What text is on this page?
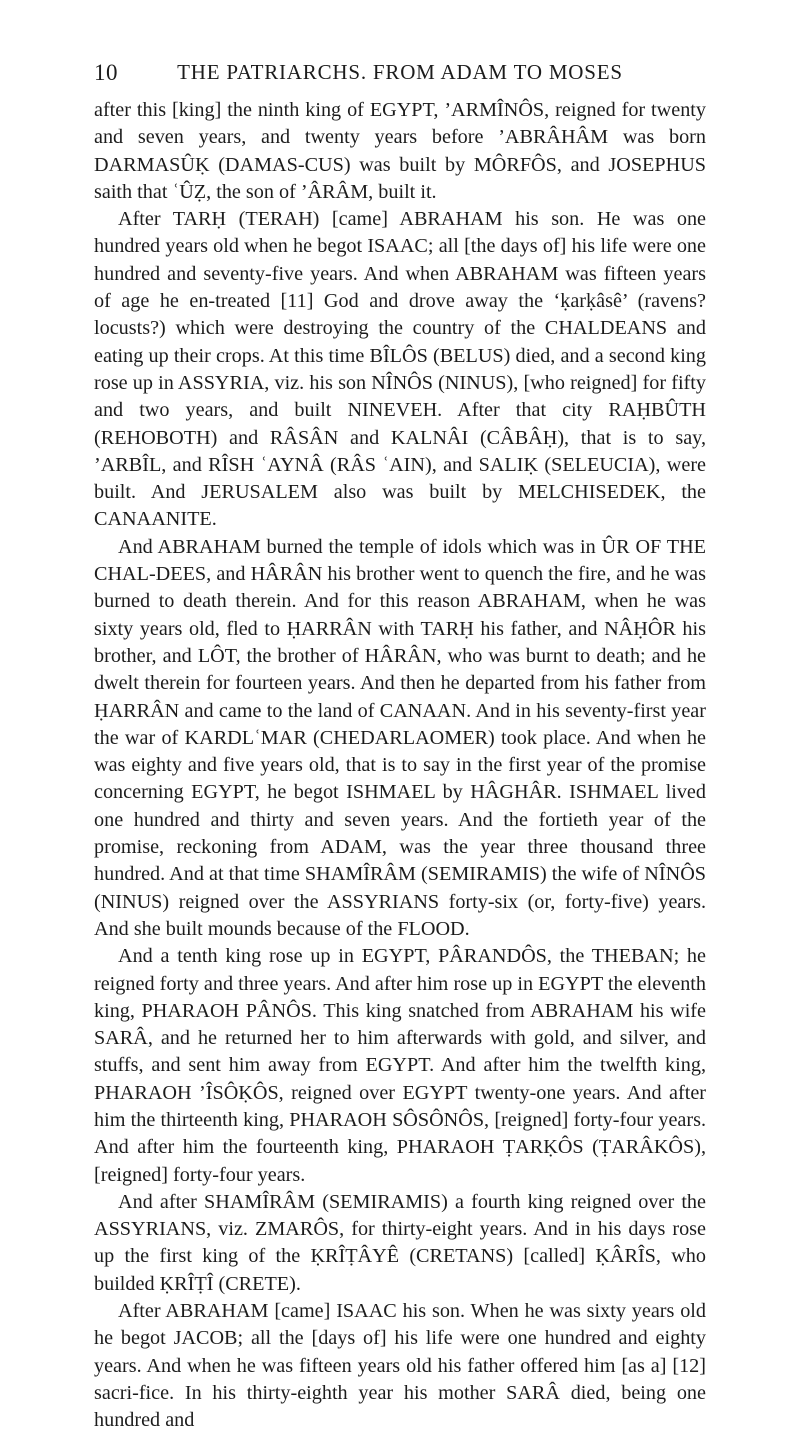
10	THE PATRIARCHS. FROM ADAM TO MOSES

after this [king] the ninth king of EGYPT, ’ARMÎNÔS, reigned for twenty and seven years, and twenty years before ’ABRÂHÂM was born DARMASÛḲ (DAMAS-CUS) was built by MÔRFÔS, and JOSEPHUS saith that ʿÛẒ, the son of ’ÂRÂM, built it.

After TARḤ (TERAH) [came] ABRAHAM his son. He was one hundred years old when he begot ISAAC; all [the days of] his life were one hundred and seventy-five years. And when ABRAHAM was fifteen years of age he en-treated [11] God and drove away the ‘ḳarḳâsê’ (ravens? locusts?) which were destroying the country of the CHALDEANS and eating up their crops. At this time BÎLÔS (BELUS) died, and a second king rose up in ASSYRIA, viz. his son NÎNÔS (NINUS), [who reigned] for fifty and two years, and built NINEVEH. After that city RAḤBÛTH (REHOBOTH) and RÂSÂN and KALNÂI (CÂBÂḤ), that is to say, ’ARBÎL, and RÎSH ʿAYNÂ (RÂS ʿAIN), and SALIḲ (SELEUCIA), were built. And JERUSALEM also was built by MELCHISEDEK, the CANAANITE.

And ABRAHAM burned the temple of idols which was in ÛR OF THE CHAL-DEES, and HÂRÂN his brother went to quench the fire, and he was burned to death therein. And for this reason ABRAHAM, when he was sixty years old, fled to ḤARRÂN with TARḤ his father, and NÂḤÔR his brother, and LÔT, the brother of HÂRÂN, who was burnt to death; and he dwelt therein for fourteen years. And then he departed from his father from ḤARRÂN and came to the land of CANAAN. And in his seventy-first year the war of KARDLʿMAR (CHEDARLAOMER) took place. And when he was eighty and five years old, that is to say in the first year of the promise concerning EGYPT, he begot ISHMAEL by HÂGHÂR. ISHMAEL lived one hundred and thirty and seven years. And the fortieth year of the promise, reckoning from ADAM, was the year three thousand three hundred. And at that time SHAMÎRÂM (SEMIRAMIS) the wife of NÎNÔS (NINUS) reigned over the ASSYRIANS forty-six (or, forty-five) years. And she built mounds because of the FLOOD.

And a tenth king rose up in EGYPT, PÂRANDÔS, the THEBAN; he reigned forty and three years. And after him rose up in EGYPT the eleventh king, PHARAOH PÂNÔS. This king snatched from ABRAHAM his wife SARÂ, and he returned her to him afterwards with gold, and silver, and stuffs, and sent him away from EGYPT. And after him the twelfth king, PHARAOH ’ÎSÔḲÔS, reigned over EGYPT twenty-one years. And after him the thirteenth king, PHARAOH SÔSÔNÔS, [reigned] forty-four years. And after him the fourteenth king, PHARAOH ṬARḲÔS (ṬARÂKÔS), [reigned] forty-four years.

And after SHAMÎRÂM (SEMIRAMIS) a fourth king reigned over the ASSYRIANS, viz. ZMARÔS, for thirty-eight years. And in his days rose up the first king of the ḲRÎṬÂYÊ (CRETANS) [called] ḲÂRÎS, who builded ḲRÎṬÎ (CRETE).

After ABRAHAM [came] ISAAC his son. When he was sixty years old he begot JACOB; all the [days of] his life were one hundred and eighty years. And when he was fifteen years old his father offered him [as a] [12] sacri-fice. In his thirty-eighth year his mother SARÂ died, being one hundred and
